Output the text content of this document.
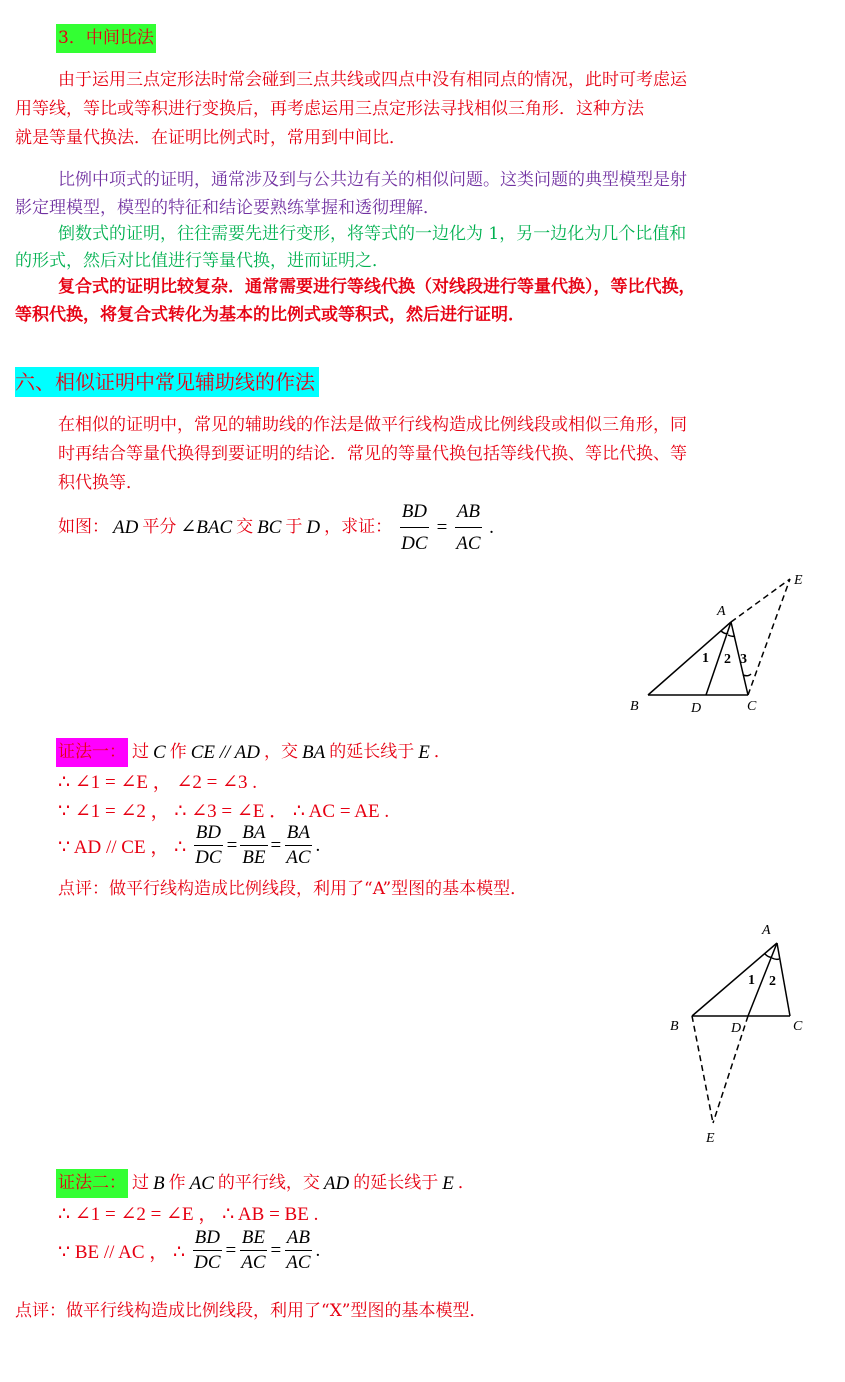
3．中间比法
由于运用三点定形法时常会碰到三点共线或四点中没有相同点的情况，此时可考虑运
用等线，等比或等积进行变换后，再考虑运用三点定形法寻找相似三角形．这种方法
就是等量代换法．在证明比例式时，常用到中间比．
比例中项式的证明，通常涉及到与公共边有关的相似问题。这类问题的典型模型是射
影定理模型，模型的特征和结论要熟练掌握和透彻理解．
倒数式的证明，往往需要先进行变形，将等式的一边化为 1，另一边化为几个比值和
的形式，然后对比值进行等量代换，进而证明之．
复合式的证明比较复杂．通常需要进行等线代换（对线段进行等量代换），等比代换，
等积代换，将复合式转化为基本的比例式或等积式，然后进行证明．
六、相似证明中常见辅助线的作法
在相似的证明中，常见的辅助线的作法是做平行线构造成比例线段或相似三角形，同
时再结合等量代换得到要证明的结论．常见的等量代换包括等线代换、等比代换、等
积代换等．
如图： AD 平分 ∠BAC 交 BC 于 D ，求证： $\frac{BD}{DC} = \frac{AB}{AC}$ .
A
B	C
D
E
1 2 3
证法一： 过 C 作 CE // AD ，交 BA 的延长线于 E ．
∴ ∠1 = ∠E ， ∠2 = ∠3 .
∵ ∠1 = ∠2 ， ∴ ∠3 = ∠E ． ∴ AC = AE .
∵ AD // CE ， ∴ $\frac{BD}{DC} = \frac{BA}{BE} = \frac{BA}{AC}$ .
点评：做平行线构造成比例线段，利用了“A”型图的基本模型．
A
B	C
D
E
1 2
证法二： 过 B 作 AC 的平行线，交 AD 的延长线于 E ．
∴ ∠1 = ∠2 = ∠E ， ∴ AB = BE .
∵ BE // AC ， ∴ $\frac{BD}{DC} = \frac{BE}{AC} = \frac{AB}{AC}$ .
点评：做平行线构造成比例线段，利用了“X”型图的基本模型．
